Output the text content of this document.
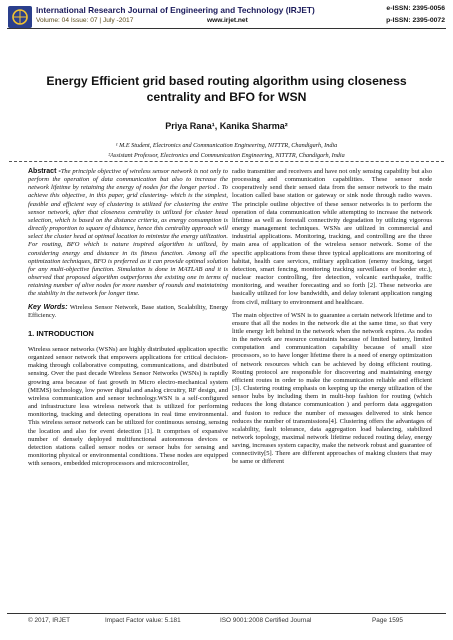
International Research Journal of Engineering and Technology (IRJET)
Volume: 04 Issue: 07 | July -2017	www.irjet.net
e-ISSN: 2395-0056
p-ISSN: 2395-0072
Energy Efficient grid based routing algorithm using closeness centrality and BFO for WSN
Priya Rana¹, Kanika Sharma²
¹ M.E Student, Electronics and Communication Engineering, NITTTR, Chandigarh, India
²Assistant Professor, Electronics and Communication Engineering, NITTTR, Chandigarh, India

Abstract -The principle objective of wireless sensor network is not only to perform the operation of data communication but also to increase the network lifetime by retaining the energy of nodes for the longer period . To achieve this objective, in this paper, grid clustering- which is the simplest, feasible and efficient way of clustering is utilized for clustering the entire sensor network, after that closeness centrality is utilized for cluster head selection, which is based on the distance criteria, as energy consumption is directly proportion to square of distance, hence this centrality approach will select the cluster head at optimal location to minimize the energy utilization. For routing, BFO which is nature inspired algorithm is utilized, by considering energy and distance in its fitness function. Among all the optimization techniques, BFO is preferred as it can provide optimal solution for any multi-objective function. Simulation is done in MATLAB and it is observed that proposed algorithm outperforms the existing one in terms of retaining number of alive nodes for more number of rounds and maintaining the stability in the network for longer time.

Key Words: Wireless Sensor Network, Base station, Scalability, Energy Efficiency.

1. INTRODUCTION

Wireless sensor networks (WSNs) are highly distributed application specific organized sensor network that empowers applications for critical decision-making through collaborative computing, communications, and distributed sensing. Over the past decade Wireless Sensor Networks (WSNs) is rapidly growing area because of fast growth in Micro electro-mechanical system (MEMS) technology, low power digital and analog circuitry, RF design, and wireless communication and sensor technology.WSN is a self-configured and infrastructure less wireless network that is utilized for performing monitoring, tracking and detecting operations in real time environmental. This wireless sensor network can be utilized for continuous sensing, sensing the location and also for event detection [1]. It comprises of expansive number of densely deployed multifunctional autonomous devices or detection stations called sensor nodes or sensor hubs for sensing and monitoring physical or environmental conditions. These nodes are equipped with sensors, embedded microprocessors and microcontroller,

radio transmitter and receivers and have not only sensing capability but also processing and communication capabilities. These sensor node cooperatively send their sensed data from the sensor network to the main location called base station or gateway or sink node through radio waves. The principle outline objective of these sensor networks is to perform the operation of data communication while attempting to increase the network lifetime as well as forestall connectivity degradation by utilizing vigorous energy management techniques. WSNs are utilized in commercial and industrial applications. Monitoring, tracking, and controlling are the three main area of application of the wireless sensor network. Some of the specific applications from these three typical applications are monitoring of habitat, health care services, military application (enemy tracking, target detection, smart fencing, monitoring tracking surveillance of border etc.), nuclear reactor controlling, fire detection, volcanic earthquake, traffic monitoring, and weather forecasting and so forth [2]. These networks are basically utilized for low bandwidth, and delay tolerant application ranging from civil, military to environment and healthcare.

The main objective of WSN is to guarantee a certain network lifetime and to ensure that all the nodes in the network die at the same time, so that very little energy left behind in the network when the network expires. As nodes in the network are resource constraints because of limited battery, limited computation and communication capability because of small size processors, so to have longer lifetime there is a need of energy optimization of network resources which can be achieved by doing efficient routing. Routing protocol are responsible for discovering and maintaining energy efficient routes in order to make the communication reliable and efficient [3]. Clustering routing emphasis on keeping up the energy utilization of the sensor hubs by including them in multi-hop fashion for routing (which reduces the long distance communication ) and perform data aggregation and fusion to reduce the number of messages delivered to sink hence reduces the number of transmissions[4]. Clustering offers the advantages of scalability, fault tolerance, data aggregation load balancing, stabilized network topology, maximal network lifetime reduced routing delay, energy saving, increases system capacity, make the network robust and guarantee of connectivity[5]. There are different approaches of making clusters that may be same or different

© 2017, IRJET	Impact Factor value: 5.181	ISO 9001:2008 Certified Journal	Page 1595
